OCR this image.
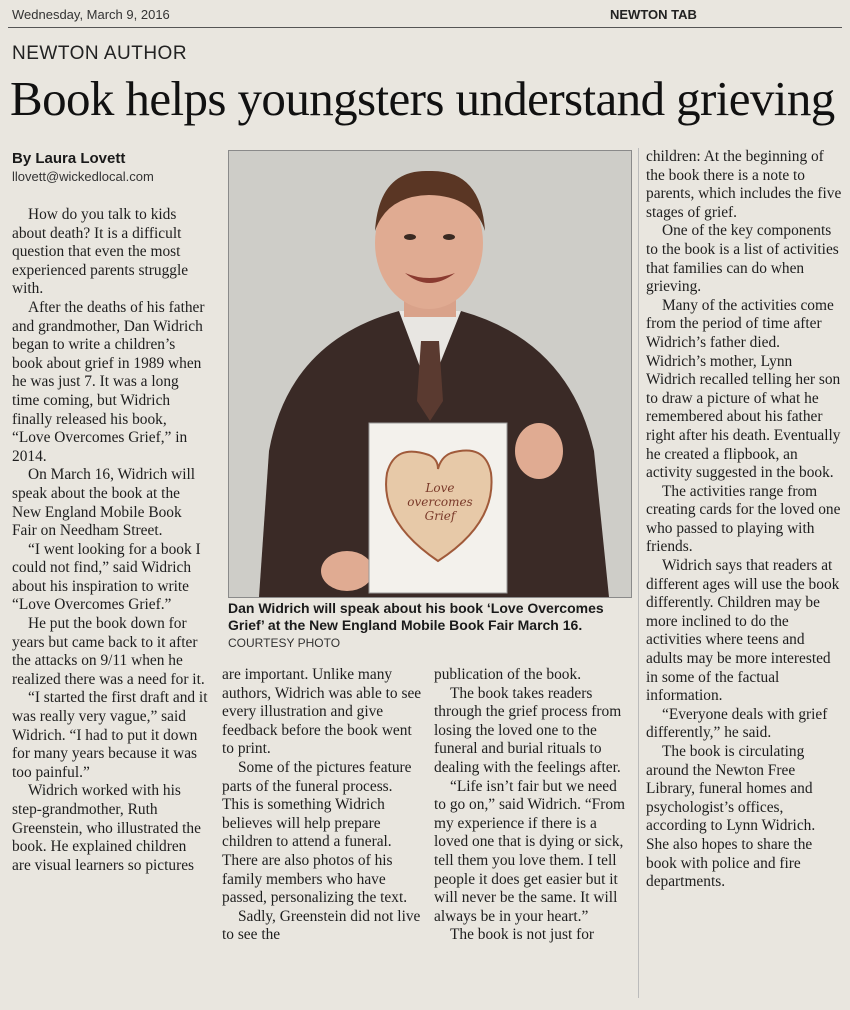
Wednesday, March 9, 2016	NEWTON TAB
NEWTON AUTHOR
Book helps youngsters understand grieving
By Laura Lovett
llovett@wickedlocal.com

How do you talk to kids about death? It is a difficult question that even the most experienced parents struggle with.

After the deaths of his father and grandmother, Dan Widrich began to write a children’s book about grief in 1989 when he was just 7. It was a long time coming, but Widrich finally released his book, “Love Overcomes Grief,” in 2014.

On March 16, Widrich will speak about the book at the New England Mobile Book Fair on Needham Street.

“I went looking for a book I could not find,” said Widrich about his inspiration to write “Love Overcomes Grief.”

He put the book down for years but came back to it after the attacks on 9/11 when he realized there was a need for it.

“I started the first draft and it was really very vague,” said Widrich. “I had to put it down for many years because it was too painful.”

Widrich worked with his step-grandmother, Ruth Greenstein, who illustrated the book. He explained children are visual learners so pictures

Love overcomes Grief
Dan Widrich will speak about his book ‘Love Overcomes Grief’ at the New England Mobile Book Fair March 16. COURTESY PHOTO

are important. Unlike many authors, Widrich was able to see every illustration and give feedback before the book went to print.

Some of the pictures feature parts of the funeral process. This is something Widrich believes will help prepare children to attend a funeral. There are also photos of his family members who have passed, personalizing the text.

Sadly, Greenstein did not live to see the

publication of the book.

The book takes readers through the grief process from losing the loved one to the funeral and burial rituals to dealing with the feelings after.

“Life isn’t fair but we need to go on,” said Widrich. “From my experience if there is a loved one that is dying or sick, tell them you love them. I tell people it does get easier but it will never be the same. It will always be in your heart.”

The book is not just for

children: At the beginning of the book there is a note to parents, which includes the five stages of grief.

One of the key components to the book is a list of activities that families can do when grieving.

Many of the activities come from the period of time after Widrich’s father died. Widrich’s mother, Lynn Widrich recalled telling her son to draw a picture of what he remembered about his father right after his death. Eventually he created a flipbook, an activity suggested in the book.

The activities range from creating cards for the loved one who passed to playing with friends.

Widrich says that readers at different ages will use the book differently. Children may be more inclined to do the activities where teens and adults may be more interested in some of the factual information.

“Everyone deals with grief differently,” he said.

The book is circulating around the Newton Free Library, funeral homes and psychologist’s offices, according to Lynn Widrich. She also hopes to share the book with police and fire departments.
